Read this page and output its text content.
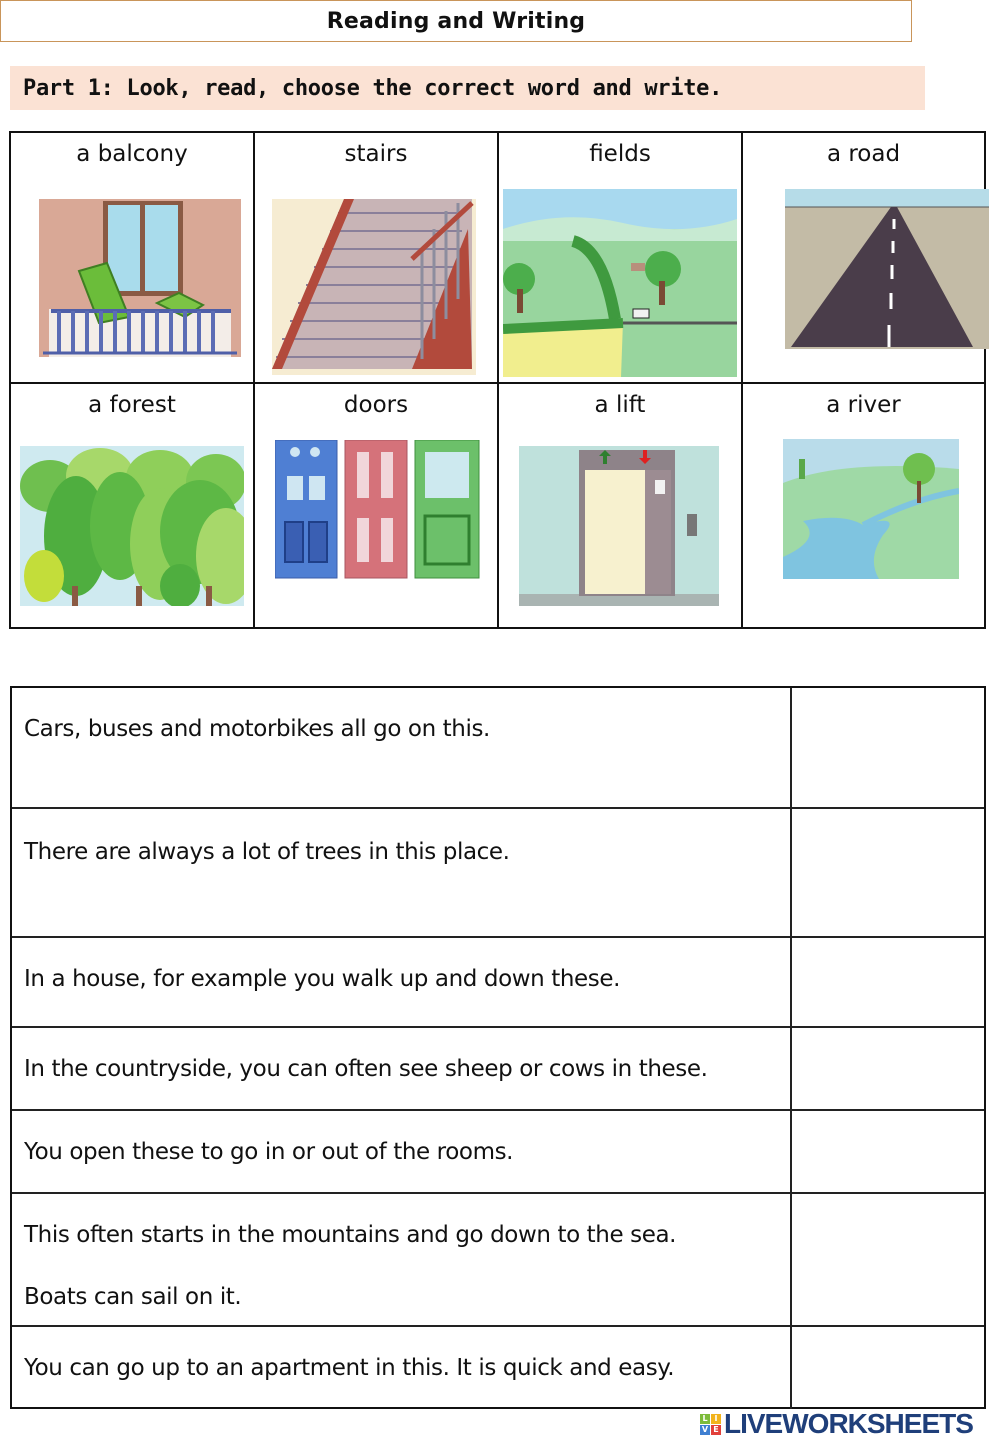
Reading and Writing
Part 1: Look, read, choose the correct word and write.
a balcony	stairs	fields	a road
a forest	doors	a lift	a river
Cars, buses and motorbikes all go on this.
There are always a lot of trees in this place.
In a house, for example you walk up and down these.
In the countryside, you can often see sheep or cows in these.
You open these to go in or out of the rooms.
This often starts in the mountains and go down to the sea.
Boats can sail on it.
You can go up to an apartment in this. It is quick and easy.
L I
V E LIVEWORKSHEETS
